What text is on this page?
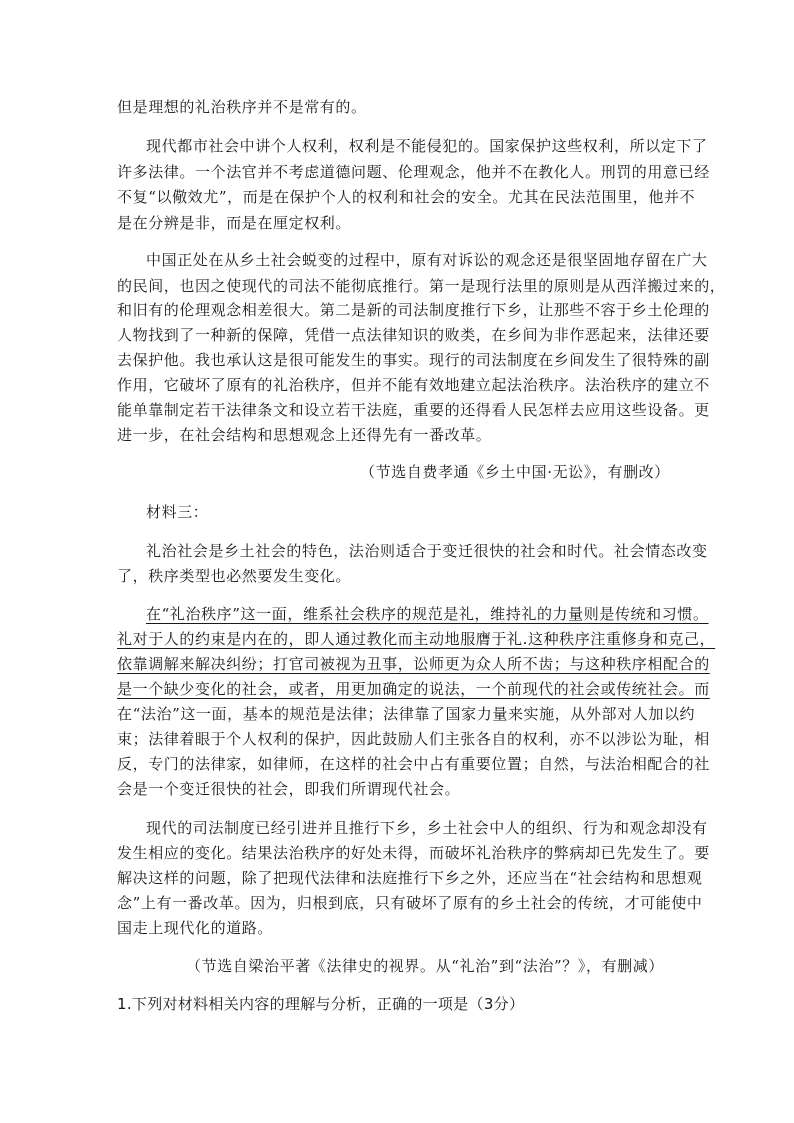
但是理想的礼治秩序并不是常有的。
现代都市社会中讲个人权利，权利是不能侵犯的。国家保护这些权利，所以定下了
许多法律。一个法官并不考虑道德问题、伦理观念，他并不在教化人。刑罚的用意已经
不复“以儆效尤”，而是在保护个人的权利和社会的安全。尤其在民法范围里，他并不
是在分辨是非，而是在厘定权利。
中国正处在从乡土社会蜕变的过程中，原有对诉讼的观念还是很坚固地存留在广大
的民间，也因之使现代的司法不能彻底推行。第一是现行法里的原则是从西洋搬过来的，
和旧有的伦理观念相差很大。第二是新的司法制度推行下乡，让那些不容于乡土伦理的
人物找到了一种新的保障，凭借一点法律知识的败类，在乡间为非作恶起来，法律还要
去保护他。我也承认这是很可能发生的事实。现行的司法制度在乡间发生了很特殊的副
作用，它破坏了原有的礼治秩序，但并不能有效地建立起法治秩序。法治秩序的建立不
能单靠制定若干法律条文和设立若干法庭，重要的还得看人民怎样去应用这些设备。更
进一步，在社会结构和思想观念上还得先有一番改革。
（节选自费孝通《乡土中国·无讼》，有删改）
材料三：
礼治社会是乡土社会的特色，法治则适合于变迁很快的社会和时代。社会情态改变
了，秩序类型也必然要发生变化。
在“礼治秩序”这一面，维系社会秩序的规范是礼，维持礼的力量则是传统和习惯。
礼对于人的约束是内在的，即人通过教化而主动地服膺于礼.这种秩序注重修身和克己，
依靠调解来解决纠纷；打官司被视为丑事，讼师更为众人所不齿；与这种秩序相配合的
是一个缺少变化的社会，或者，用更加确定的说法，一个前现代的社会或传统社会。而
在“法治”这一面，基本的规范是法律；法律靠了国家力量来实施，从外部对人加以约
束；法律着眼于个人权利的保护，因此鼓励人们主张各自的权利，亦不以涉讼为耻，相
反，专门的法律家，如律师，在这样的社会中占有重要位置；自然，与法治相配合的社
会是一个变迁很快的社会，即我们所谓现代社会。
现代的司法制度已经引进并且推行下乡，乡土社会中人的组织、行为和观念却没有
发生相应的变化。结果法治秩序的好处未得，而破坏礼治秩序的弊病却已先发生了。要
解决这样的问题，除了把现代法律和法庭推行下乡之外，还应当在“社会结构和思想观
念”上有一番改革。因为，归根到底，只有破坏了原有的乡土社会的传统，才可能使中
国走上现代化的道路。
（节选自梁治平著《法律史的视界。从“礼治”到“法治”？》，有删减）
1.下列对材料相关内容的理解与分析，正确的一项是（3分）
